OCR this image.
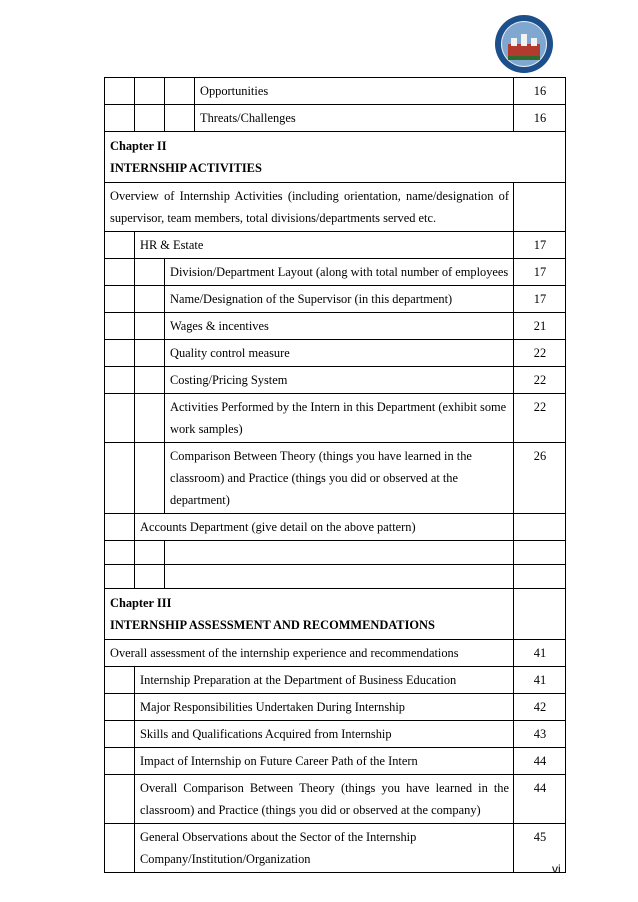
			Opportunities	16
			Threats/Challenges	16

Chapter II
INTERNSHIP ACTIVITIES				

Overview of Internship Activities (including orientation, name/designation of supervisor, team members, total divisions/departments served etc.				
	HR & Estate			17
		Division/Department Layout (along with total number of employees		17
		Name/Designation of the Supervisor (in this department)		17
		Wages & incentives		21
		Quality control measure		22
		Costing/Pricing System		22
		Activities Performed by the Intern in this Department (exhibit some work samples)		22
		Comparison Between Theory (things you have learned in the classroom) and Practice (things you did or observed at the department)		26
	Accounts Department (give detail on the above pattern)			

Chapter III
INTERNSHIP ASSESSMENT AND RECOMMENDATIONS				

Overall assessment of the internship experience and recommendations				41
	Internship Preparation at the Department of Business Education			41
	Major Responsibilities Undertaken During Internship			42
	Skills and Qualifications Acquired from Internship			43
	Impact of Internship on Future Career Path of the Intern			44
	Overall Comparison Between Theory (things you have learned in the classroom) and Practice (things you did or observed at the company)			44
	General Observations about the Sector of the Internship Company/Institution/Organization			45
vi
